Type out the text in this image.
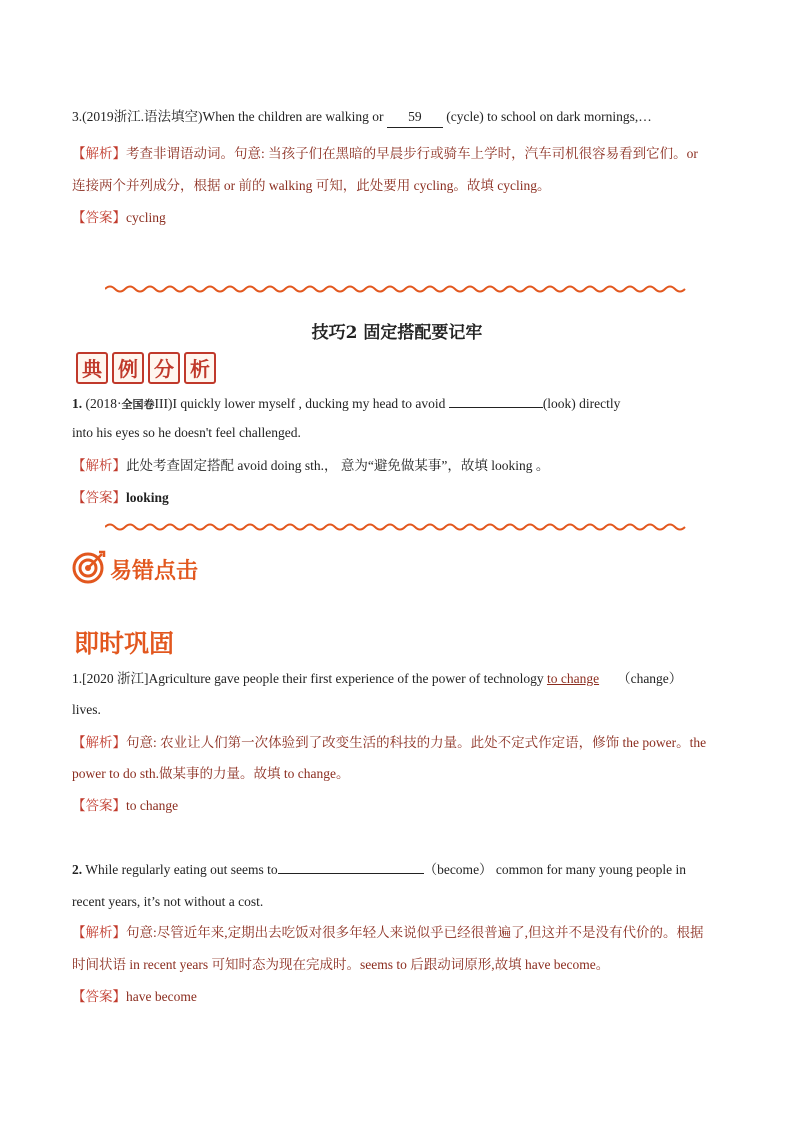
3.(2019浙江.语法填空)When the children are walking or 59 (cycle) to school on dark mornings,…
【解析】考查非谓语动词。句意: 当孩子们在黑暗的早晨步行或骑车上学时，汽车司机很容易看到它们。or
连接两个并列成分，根据 or 前的 walking 可知，此处要用 cycling。故填 cycling。
【答案】cycling
技巧2 固定搭配要记牢
典 例 分 析
1. (2018·全国卷III)I quickly lower myself , ducking my head to avoid	(look) directly
into his eyes so he doesn't feel challenged.
【解析】此处考查固定搭配 avoid doing sth.， 意为“避免做某事”，故填 looking 。
【答案】looking
易错点击
即时巩固
1.[2020 浙江]Agriculture gave people their first experience of the power of technology to change （change）
lives.
【解析】句意: 农业让人们第一次体验到了改变生活的科技的力量。此处不定式作定语，修饰 the power。the
power to do sth.做某事的力量。故填 to change。
【答案】to change
2. While regularly eating out seems to	（become） common for many young people in
recent years, it’s not without a cost.
【解析】句意:尽管近年来,定期出去吃饭对很多年轻人来说似乎已经很普遍了,但这并不是没有代价的。根据
时间状语 in recent years 可知时态为现在完成时。seems to 后跟动词原形,故填 have become。
【答案】have become
